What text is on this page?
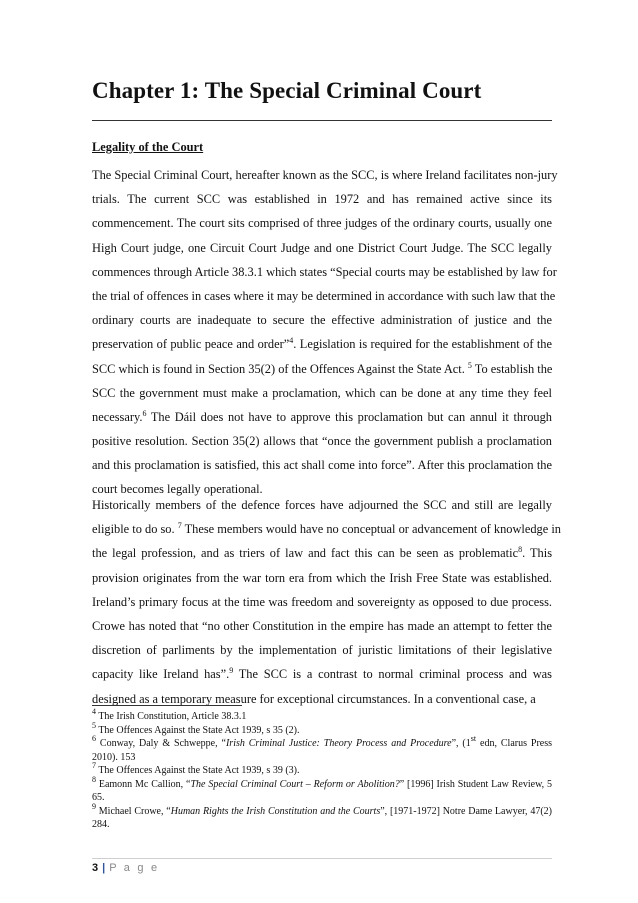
Chapter 1: The Special Criminal Court
Legality of the Court
The Special Criminal Court, hereafter known as the SCC, is where Ireland facilitates non-jury
trials. The current SCC was established in 1972 and has remained active since its
commencement. The court sits comprised of three judges of the ordinary courts, usually one
High Court judge, one Circuit Court Judge and one District Court Judge. The SCC legally
commences through Article 38.3.1 which states “Special courts may be established by law for
the trial of offences in cases where it may be determined in accordance with such law that the
ordinary courts are inadequate to secure the effective administration of justice and the
preservation of public peace and order”$^4$. Legislation is required for the establishment of the
SCC which is found in Section 35(2) of the Offences Against the State Act. $^5$ To establish the
SCC the government must make a proclamation, which can be done at any time they feel
necessary.$^6$ The Dáil does not have to approve this proclamation but can annul it through
positive resolution. Section 35(2) allows that “once the government publish a proclamation
and this proclamation is satisfied, this act shall come into force”. After this proclamation the
court becomes legally operational.
Historically members of the defence forces have adjourned the SCC and still are legally
eligible to do so. $^7$ These members would have no conceptual or advancement of knowledge in
the legal profession, and as triers of law and fact this can be seen as problematic$^8$. This
provision originates from the war torn era from which the Irish Free State was established.
Ireland’s primary focus at the time was freedom and sovereignty as opposed to due process.
Crowe has noted that “no other Constitution in the empire has made an attempt to fetter the
discretion of parliments by the implementation of juristic limitations of their legislative
capacity like Ireland has”.$^9$ The SCC is a contrast to normal criminal process and was
designed as a temporary measure for exceptional circumstances. In a conventional case, a
$^4$ The Irish Constitution, Article 38.3.1
$^5$ The Offences Against the State Act 1939, s 35 (2).
$^6$ Conway, Daly & Schweppe, “Irish Criminal Justice: Theory Process and Procedure”, (1st edn, Clarus Press 2010). 153
$^7$ The Offences Against the State Act 1939, s 39 (3).
$^8$ Eamonn Mc Callion, “The Special Criminal Court – Reform or Abolition?” [1996] Irish Student Law Review, 5 65.
$^9$ Michael Crowe, “Human Rights the Irish Constitution and the Courts”, [1971-1972] Notre Dame Lawyer, 47(2) 284.
3 | P a g e
